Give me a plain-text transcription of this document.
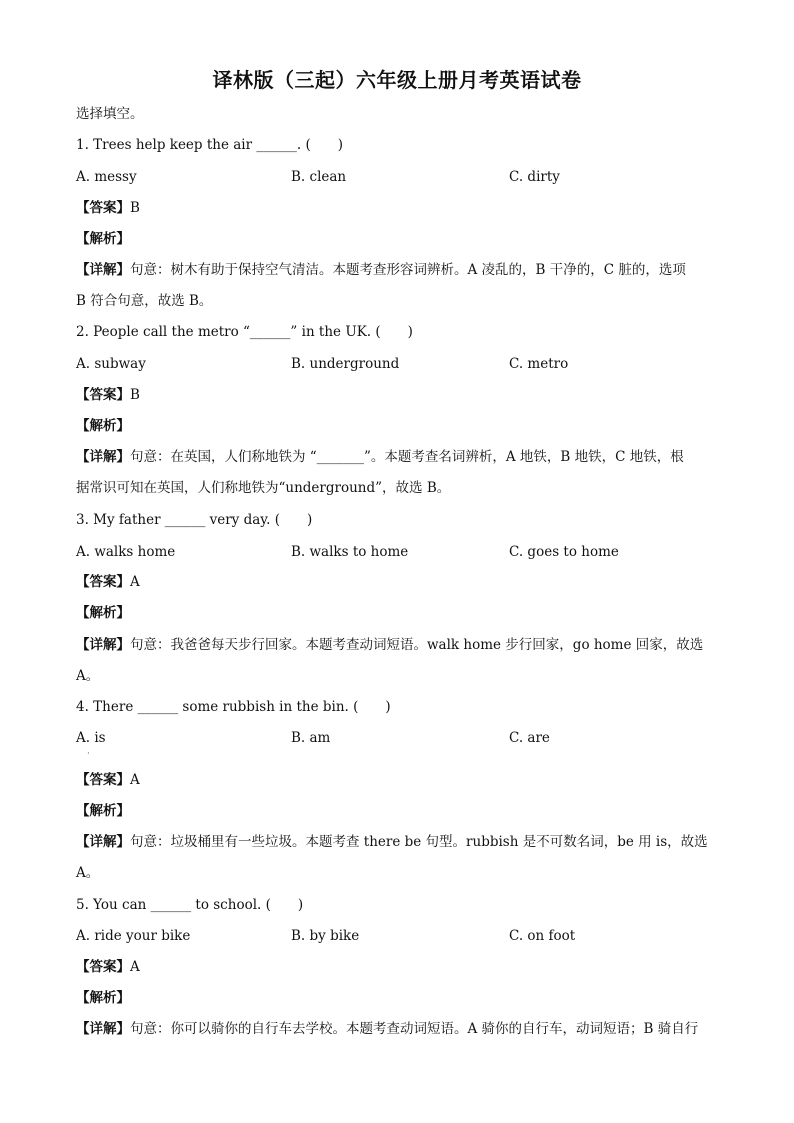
译林版（三起）六年级上册月考英语试卷
选择填空。
1. Trees help keep the air ______. (　　)
A. messy	B. clean	C. dirty
【答案】B
【解析】
【详解】句意：树木有助于保持空气清洁。本题考查形容词辨析。A 凌乱的，B 干净的，C 脏的，选项
B 符合句意，故选 B。
2. People call the metro “______” in the UK. (　　)
A. subway	B. underground	C. metro
【答案】B
【解析】
【详解】句意：在英国，人们称地铁为 “_______”。本题考查名词辨析，A 地铁，B 地铁，C 地铁，根
据常识可知在英国，人们称地铁为“underground”，故选 B。
3. My father ______ very day. (　　)
A. walks home	B. walks to home	C. goes to home
【答案】A
【解析】
【详解】句意：我爸爸每天步行回家。本题考查动词短语。walk home 步行回家，go home 回家，故选
A。
4. There ______ some rubbish in the bin. (　　)
A. is	B. am	C. are
·
【答案】A
【解析】
【详解】句意：垃圾桶里有一些垃圾。本题考查 there be 句型。rubbish 是不可数名词，be 用 is，故选
A。
5. You can ______ to school. (　　)
A. ride your bike	B. by bike	C. on foot
【答案】A
【解析】
【详解】句意：你可以骑你的自行车去学校。本题考查动词短语。A 骑你的自行车，动词短语；B 骑自行
